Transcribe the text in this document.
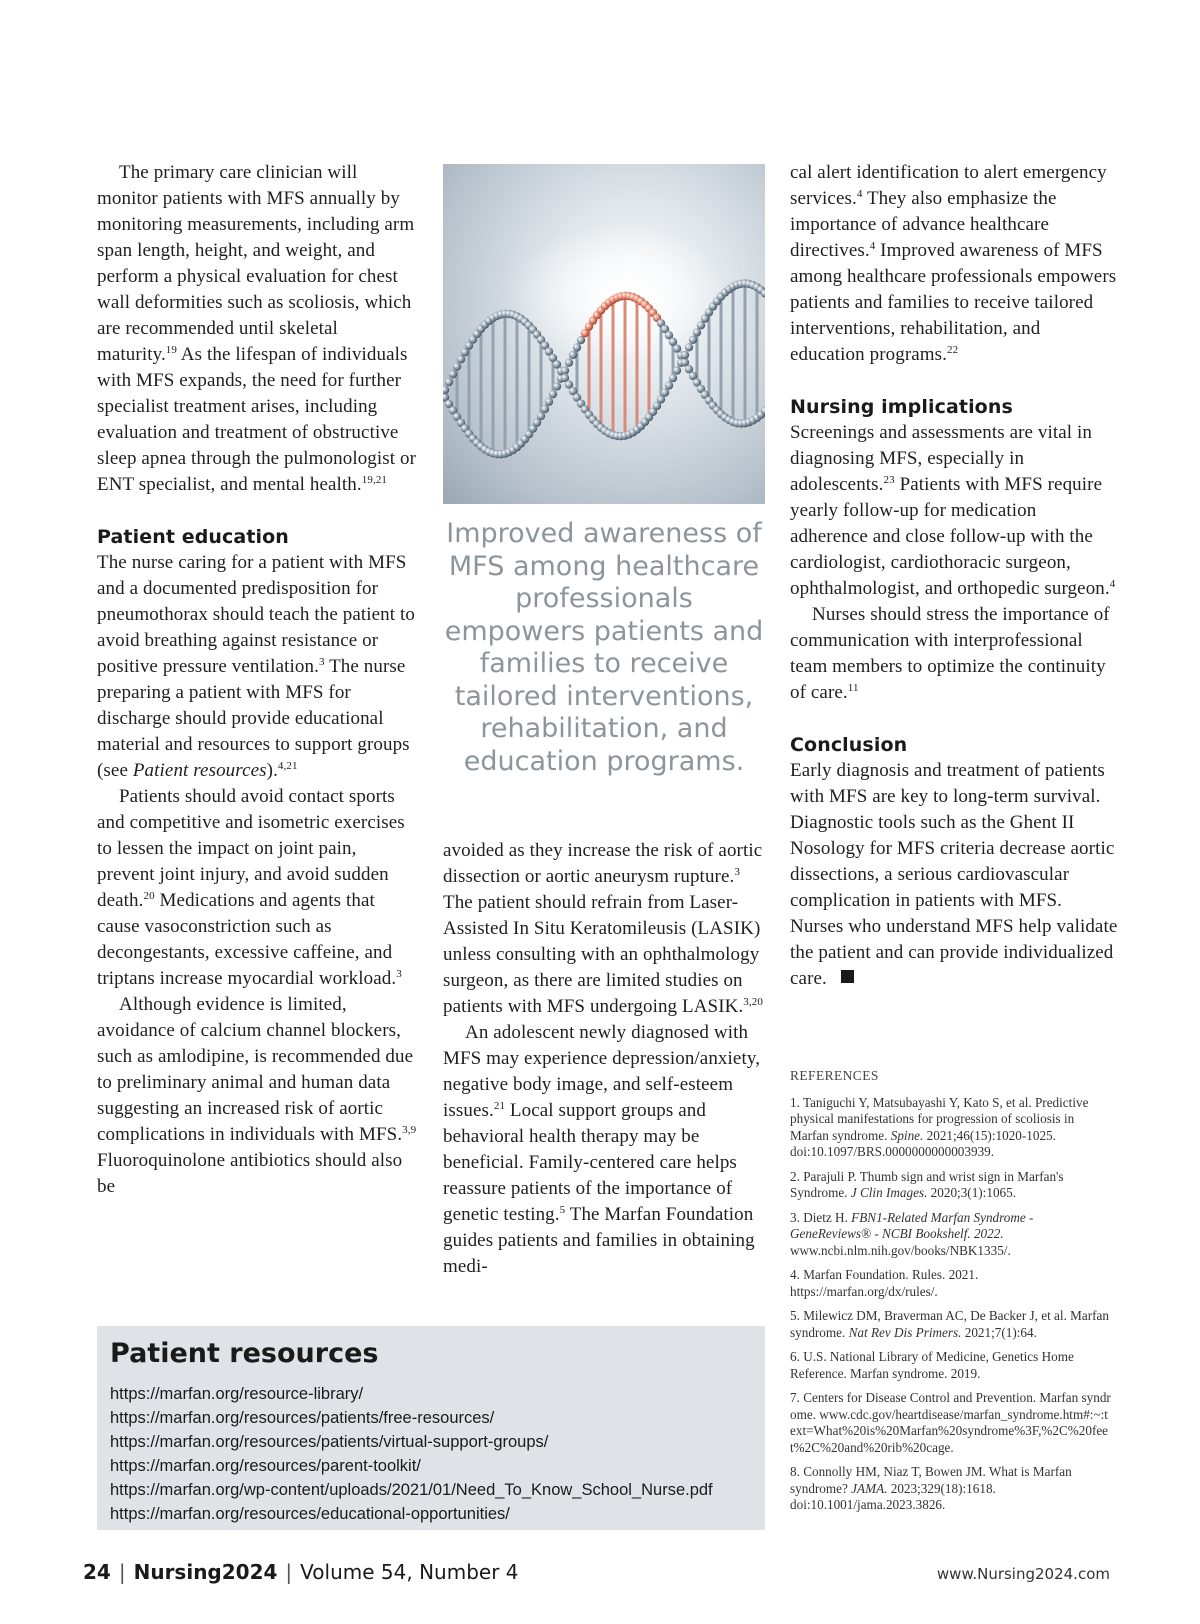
The primary care clinician will monitor patients with MFS annually by monitoring measurements, including arm span length, height, and weight, and perform a physical evaluation for chest wall deformities such as scoliosis, which are recommended until skeletal maturity.$^{19}$ As the lifespan of individuals with MFS expands, the need for further specialist treatment arises, including evaluation and treatment of obstructive sleep apnea through the pulmonologist or ENT specialist, and mental health.$^{19,21}$

Patient education

The nurse caring for a patient with MFS and a documented predisposition for pneumothorax should teach the patient to avoid breathing against resistance or positive pressure ventilation.$^3$ The nurse preparing a patient with MFS for discharge should provide educational material and resources to support groups (see Patient resources).$^{4,21}$

Patients should avoid contact sports and competitive and isometric exercises to lessen the impact on joint pain, prevent joint injury, and avoid sudden death.$^{20}$ Medications and agents that cause vasoconstriction such as decongestants, excessive caffeine, and triptans increase myocardial workload.$^3$

Although evidence is limited, avoidance of calcium channel blockers, such as amlodipine, is recommended due to preliminary animal and human data suggesting an increased risk of aortic complications in individuals with MFS.$^{3,9}$ Fluoroquinolone antibiotics should also be

Improved awareness of MFS among healthcare professionals empowers patients and families to receive tailored interventions, rehabilitation, and education programs.

avoided as they increase the risk of aortic dissection or aortic aneurysm rupture.$^3$ The patient should refrain from Laser-Assisted In Situ Keratomileusis (LASIK) unless consulting with an ophthalmology surgeon, as there are limited studies on patients with MFS undergoing LASIK.$^{3,20}$

An adolescent newly diagnosed with MFS may experience depression/anxiety, negative body image, and self-esteem issues.$^{21}$ Local support groups and behavioral health therapy may be beneficial. Family-centered care helps reassure patients of the importance of genetic testing.$^5$ The Marfan Foundation guides patients and families in obtaining medi-

cal alert identification to alert emergency services.$^4$ They also emphasize the importance of advance healthcare directives.$^4$ Improved awareness of MFS among healthcare professionals empowers patients and families to receive tailored interventions, rehabilitation, and education programs.$^{22}$

Nursing implications

Screenings and assessments are vital in diagnosing MFS, especially in adolescents.$^{23}$ Patients with MFS require yearly follow-up for medication adherence and close follow-up with the cardiologist, cardiothoracic surgeon, ophthalmologist, and orthopedic surgeon.$^4$

Nurses should stress the importance of communication with interprofessional team members to optimize the continuity of care.$^{11}$

Conclusion

Early diagnosis and treatment of patients with MFS are key to long-term survival. Diagnostic tools such as the Ghent II Nosology for MFS criteria decrease aortic dissections, a serious cardiovascular complication in patients with MFS. Nurses who understand MFS help validate the patient and can provide individualized care.

REFERENCES

1. Taniguchi Y, Matsubayashi Y, Kato S, et al. Predictive physical manifestations for progression of scoliosis in Marfan syndrome. Spine. 2021;46(15):1020-1025. doi:10.1097/BRS.0000000000003939.

2. Parajuli P. Thumb sign and wrist sign in Marfan's Syndrome. J Clin Images. 2020;3(1):1065.

3. Dietz H. FBN1-Related Marfan Syndrome - GeneReviews® - NCBI Bookshelf. 2022. www.ncbi.nlm.nih.gov/books/NBK1335/.

4. Marfan Foundation. Rules. 2021. https://marfan.org/dx/rules/.

5. Milewicz DM, Braverman AC, De Backer J, et al. Marfan syndrome. Nat Rev Dis Primers. 2021;7(1):64.

6. U.S. National Library of Medicine, Genetics Home Reference. Marfan syndrome. 2019.

7. Centers for Disease Control and Prevention. Marfan syndrome. www.cdc.gov/heartdisease/marfan_syndrome.htm#:~:text=What%20is%20Marfan%20syndrome%3F,%2C%20feet%2C%20and%20rib%20cage.

8. Connolly HM, Niaz T, Bowen JM. What is Marfan syndrome? JAMA. 2023;329(18):1618. doi:10.1001/jama.2023.3826.

Patient resources
https://marfan.org/resource-library/
https://marfan.org/resources/patients/free-resources/
https://marfan.org/resources/patients/virtual-support-groups/
https://marfan.org/resources/parent-toolkit/
https://marfan.org/wp-content/uploads/2021/01/Need_To_Know_School_Nurse.pdf
https://marfan.org/resources/educational-opportunities/
24 | Nursing2024 | Volume 54, Number 4	www.Nursing2024.com
